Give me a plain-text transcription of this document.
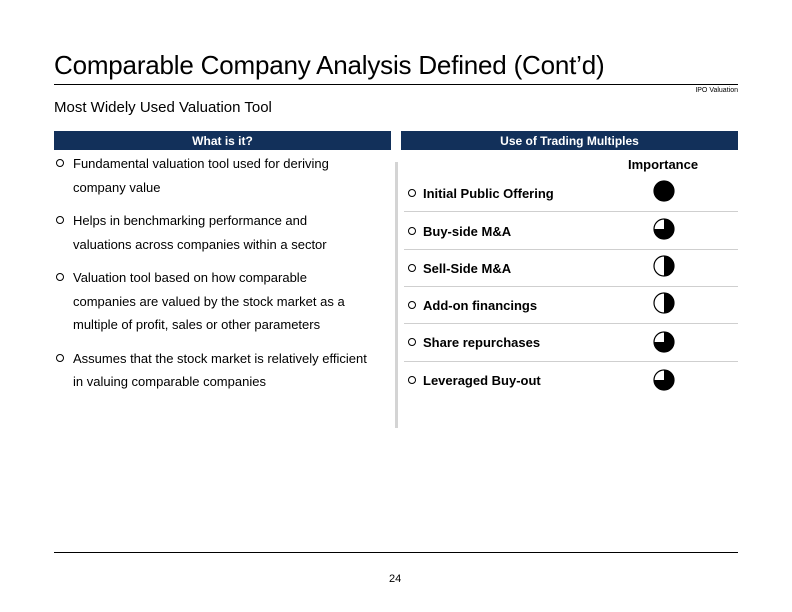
Comparable Company Analysis Defined (Cont’d)
IPO Valuation
Most Widely Used Valuation Tool
What is it?	Use of Trading Multiples
Fundamental valuation tool used for deriving
company value
Helps in benchmarking performance and
valuations across companies within a sector
Valuation tool based on how comparable
companies are valued by the stock market as a
multiple of profit, sales or other parameters
Assumes that the stock market is relatively efficient
in valuing comparable companies
Importance
Initial Public Offering
Buy-side M&A
Sell-Side M&A
Add-on financings
Share repurchases
Leveraged Buy-out
24
